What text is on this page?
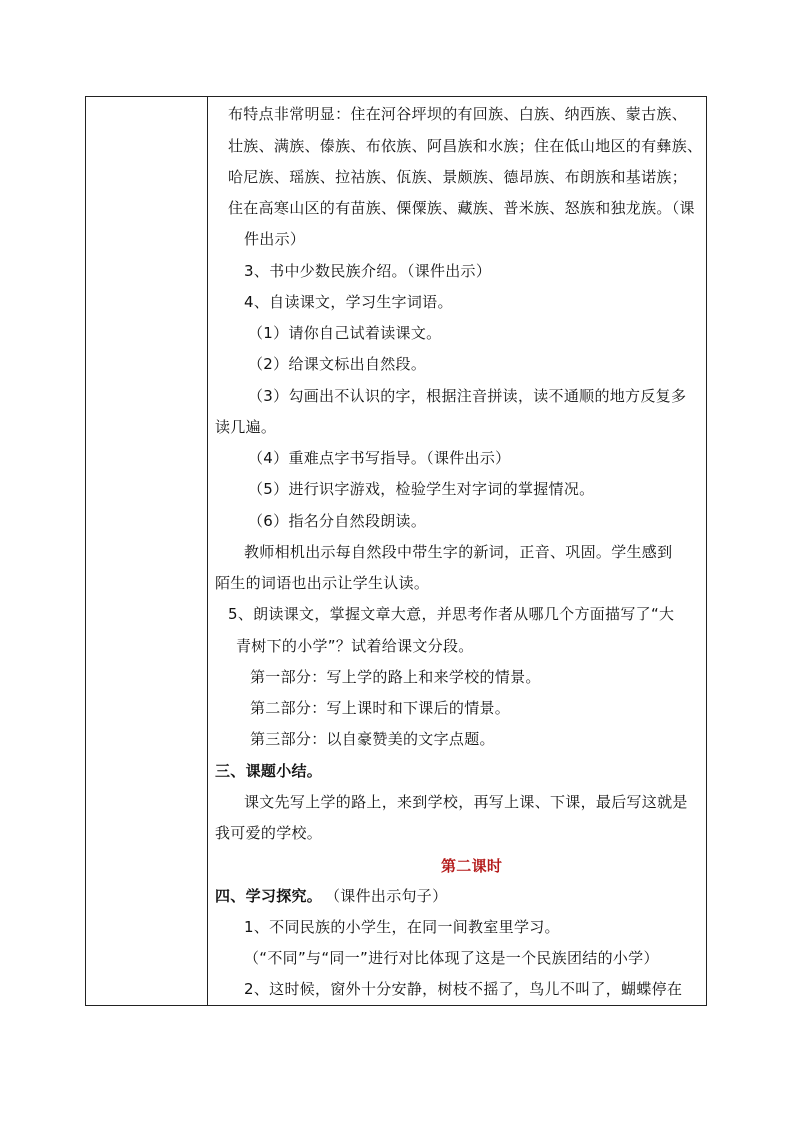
布特点非常明显：住在河谷坪坝的有回族、白族、纳西族、蒙古族、
壮族、满族、傣族、布依族、阿昌族和水族；住在低山地区的有彝族、
哈尼族、瑶族、拉祜族、佤族、景颇族、德昂族、布朗族和基诺族；
住在高寒山区的有苗族、傈僳族、藏族、普米族、怒族和独龙族。（课
件出示）
3、书中少数民族介绍。（课件出示）
4、自读课文，学习生字词语。
（1）请你自己试着读课文。
（2）给课文标出自然段。
（3）勾画出不认识的字，根据注音拼读，读不通顺的地方反复多
读几遍。
（4）重难点字书写指导。（课件出示）
（5）进行识字游戏，检验学生对字词的掌握情况。
（6）指名分自然段朗读。
教师相机出示每自然段中带生字的新词，正音、巩固。学生感到
陌生的词语也出示让学生认读。
5、朗读课文，掌握文章大意，并思考作者从哪几个方面描写了“大
青树下的小学”？试着给课文分段。
第一部分：写上学的路上和来学校的情景。
第二部分：写上课时和下课后的情景。
第三部分：以自豪赞美的文字点题。
三、课题小结。
课文先写上学的路上，来到学校，再写上课、下课，最后写这就是
我可爱的学校。
第二课时
四、学习探究。 （课件出示句子）
1、不同民族的小学生，在同一间教室里学习。
（“不同”与“同一”进行对比体现了这是一个民族团结的小学）
2、这时候，窗外十分安静，树枝不摇了，鸟儿不叫了，蝴蝶停在
